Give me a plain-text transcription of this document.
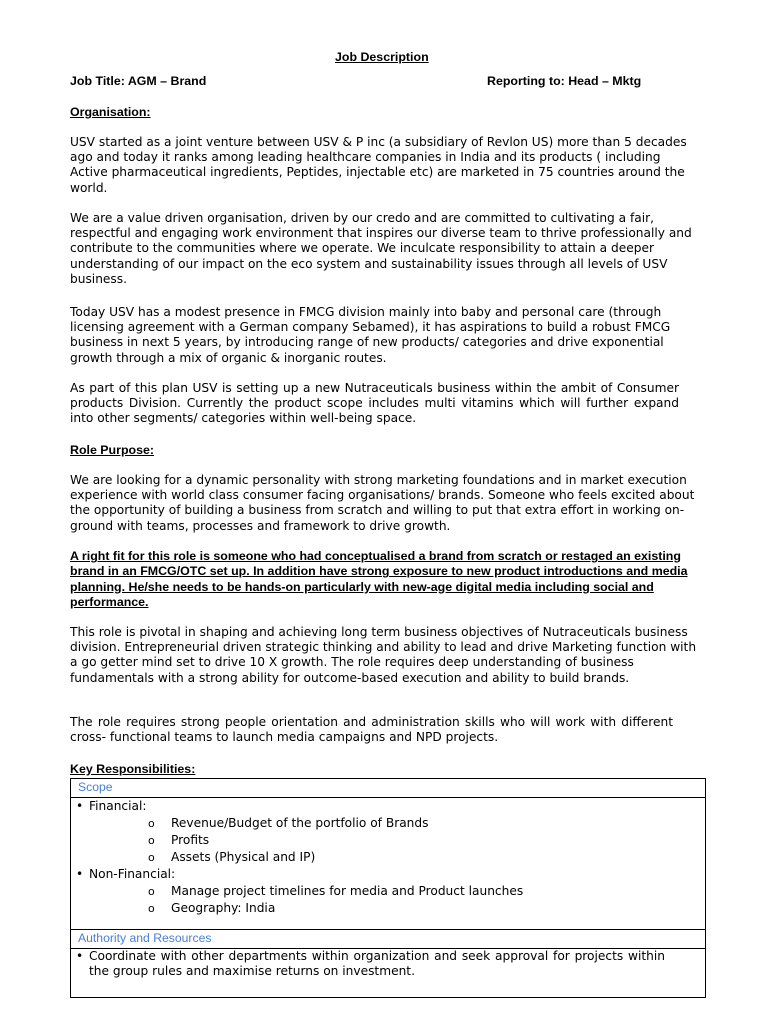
Job Description
Job Title: AGM – Brand	Reporting to: Head – Mktg
Organisation:

USV started as a joint venture between USV & P inc (a subsidiary of Revlon US) more than 5 decades ago and today it ranks among leading healthcare companies in India and its products ( including Active pharmaceutical ingredients, Peptides, injectable etc) are marketed in 75 countries around the world.

We are a value driven organisation, driven by our credo and are committed to cultivating a fair, respectful and engaging work environment that inspires our diverse team to thrive professionally and contribute to the communities where we operate. We inculcate responsibility to attain a deeper understanding of our impact on the eco system and sustainability issues through all levels of USV business.

Today USV has a modest presence in FMCG division mainly into baby and personal care (through licensing agreement with a German company Sebamed), it has aspirations to build a robust FMCG business in next 5 years, by introducing range of new products/ categories and drive exponential growth through a mix of organic & inorganic routes.

As part of this plan USV is setting up a new Nutraceuticals business within the ambit of Consumer products Division. Currently the product scope includes multi vitamins which will further expand into other segments/ categories within well-being space.

Role Purpose:

We are looking for a dynamic personality with strong marketing foundations and in market execution experience with world class consumer facing organisations/ brands. Someone who feels excited about the opportunity of building a business from scratch and willing to put that extra effort in working on-ground with teams, processes and framework to drive growth.

A right fit for this role is someone who had conceptualised a brand from scratch or restaged an existing brand in an FMCG/OTC set up. In addition have strong exposure to new product introductions and media planning. He/she needs to be hands-on particularly with new-age digital media including social and performance.

This role is pivotal in shaping and achieving long term business objectives of Nutraceuticals business division. Entrepreneurial driven strategic thinking and ability to lead and drive Marketing function with a go getter mind set to drive 10 X growth. The role requires deep understanding of business fundamentals with a strong ability for outcome-based execution and ability to build brands.

The role requires strong people orientation and administration skills who will work with different cross- functional teams to launch media campaigns and NPD projects.

Key Responsibilities:
Scope

• Financial:
o Revenue/Budget of the portfolio of Brands
o Profits
o Assets (Physical and IP)
• Non-Financial:
o Manage project timelines for media and Product launches
o Geography: India

Authority and Resources

• Coordinate with other departments within organization and seek approval for projects within the group rules and maximise returns on investment.
